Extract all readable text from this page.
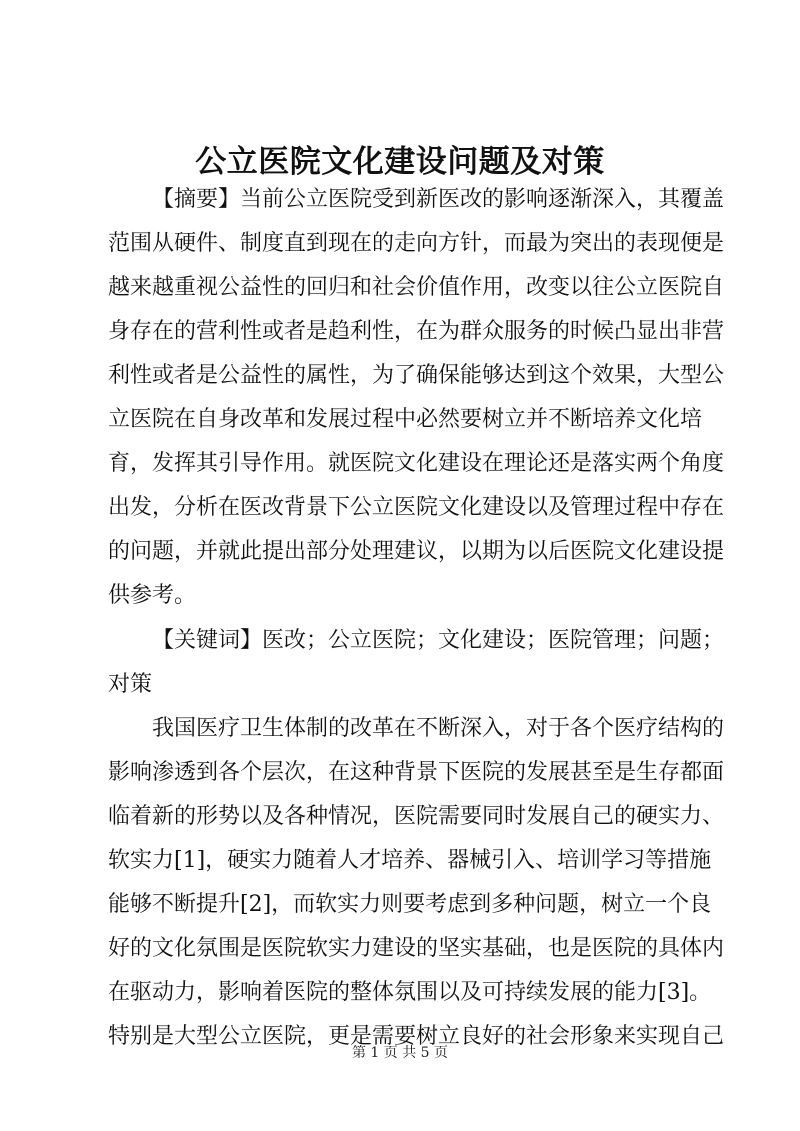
公立医院文化建设问题及对策
【摘要】当前公立医院受到新医改的影响逐渐深入，其覆盖
范围从硬件、制度直到现在的走向方针，而最为突出的表现便是
越来越重视公益性的回归和社会价值作用，改变以往公立医院自
身存在的营利性或者是趋利性，在为群众服务的时候凸显出非营
利性或者是公益性的属性，为了确保能够达到这个效果，大型公
立医院在自身改革和发展过程中必然要树立并不断培养文化培
育，发挥其引导作用。就医院文化建设在理论还是落实两个角度
出发，分析在医改背景下公立医院文化建设以及管理过程中存在
的问题，并就此提出部分处理建议，以期为以后医院文化建设提
供参考。
【关键词】医改；公立医院；文化建设；医院管理；问题；
对策
我国医疗卫生体制的改革在不断深入，对于各个医疗结构的
影响渗透到各个层次，在这种背景下医院的发展甚至是生存都面
临着新的形势以及各种情况，医院需要同时发展自己的硬实力、
软实力[1]，硬实力随着人才培养、器械引入、培训学习等措施
能够不断提升[2]，而软实力则要考虑到多种问题，树立一个良
好的文化氛围是医院软实力建设的坚实基础，也是医院的具体内
在驱动力，影响着医院的整体氛围以及可持续发展的能力[3]。
特别是大型公立医院，更是需要树立良好的社会形象来实现自己
第 1 页 共 5 页
